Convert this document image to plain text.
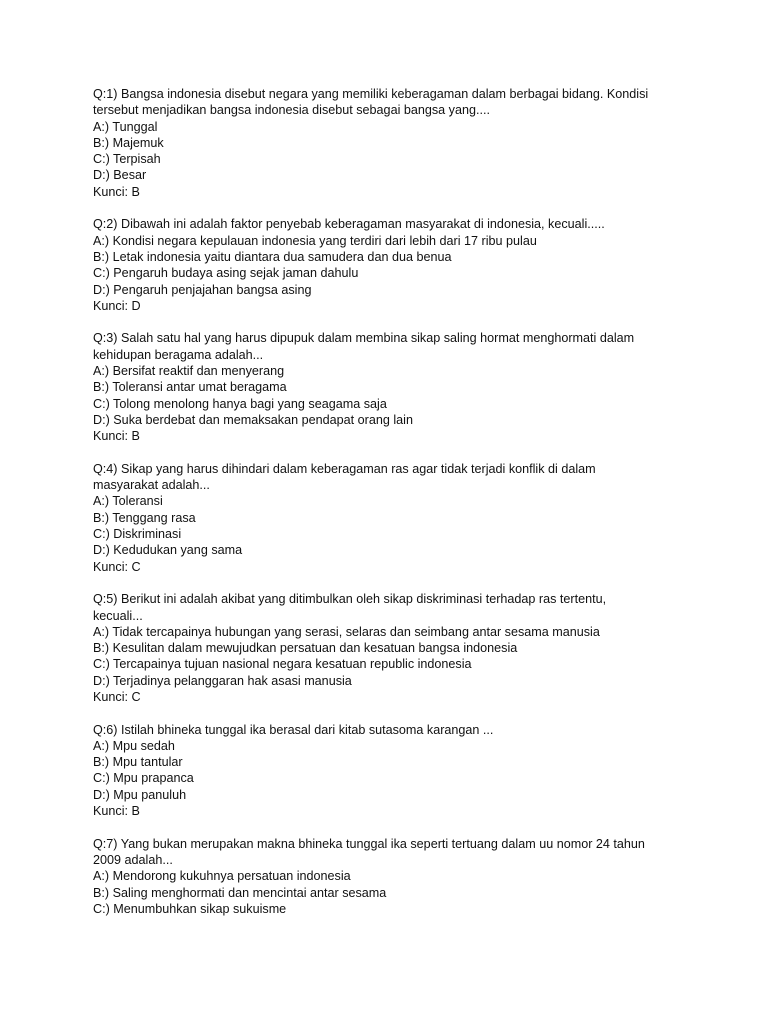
Q:1) Bangsa indonesia disebut negara yang memiliki keberagaman dalam berbagai bidang. Kondisi
tersebut menjadikan bangsa indonesia disebut sebagai bangsa yang....
A:) Tunggal
B:) Majemuk
C:) Terpisah
D:) Besar
Kunci: B
Q:2) Dibawah ini adalah faktor penyebab keberagaman masyarakat di indonesia, kecuali.....
A:) Kondisi negara kepulauan indonesia yang terdiri dari lebih dari 17 ribu pulau
B:) Letak indonesia yaitu diantara dua samudera dan dua benua
C:) Pengaruh budaya asing sejak jaman dahulu
D:) Pengaruh penjajahan bangsa asing
Kunci: D
Q:3) Salah satu hal yang harus dipupuk dalam membina sikap saling hormat menghormati dalam
kehidupan beragama adalah...
A:) Bersifat reaktif dan menyerang
B:) Toleransi antar umat beragama
C:) Tolong menolong hanya bagi yang seagama saja
D:) Suka berdebat dan memaksakan pendapat orang lain
Kunci: B
Q:4) Sikap yang harus dihindari dalam keberagaman ras agar tidak terjadi konflik di dalam
masyarakat adalah...
A:) Toleransi
B:) Tenggang rasa
C:) Diskriminasi
D:) Kedudukan yang sama
Kunci: C
Q:5) Berikut ini adalah akibat yang ditimbulkan oleh sikap diskriminasi terhadap ras tertentu,
kecuali...
A:) Tidak tercapainya hubungan yang serasi, selaras dan seimbang antar sesama manusia
B:) Kesulitan dalam mewujudkan persatuan dan kesatuan bangsa indonesia
C:) Tercapainya tujuan nasional negara kesatuan republic indonesia
D:) Terjadinya pelanggaran hak asasi manusia
Kunci: C
Q:6) Istilah bhineka tunggal ika berasal dari kitab sutasoma karangan ...
A:) Mpu sedah
B:) Mpu tantular
C:) Mpu prapanca
D:) Mpu panuluh
Kunci: B
Q:7) Yang bukan merupakan makna bhineka tunggal ika seperti tertuang dalam uu nomor 24 tahun
2009 adalah...
A:) Mendorong kukuhnya persatuan indonesia
B:) Saling menghormati dan mencintai antar sesama
C:) Menumbuhkan sikap sukuisme
